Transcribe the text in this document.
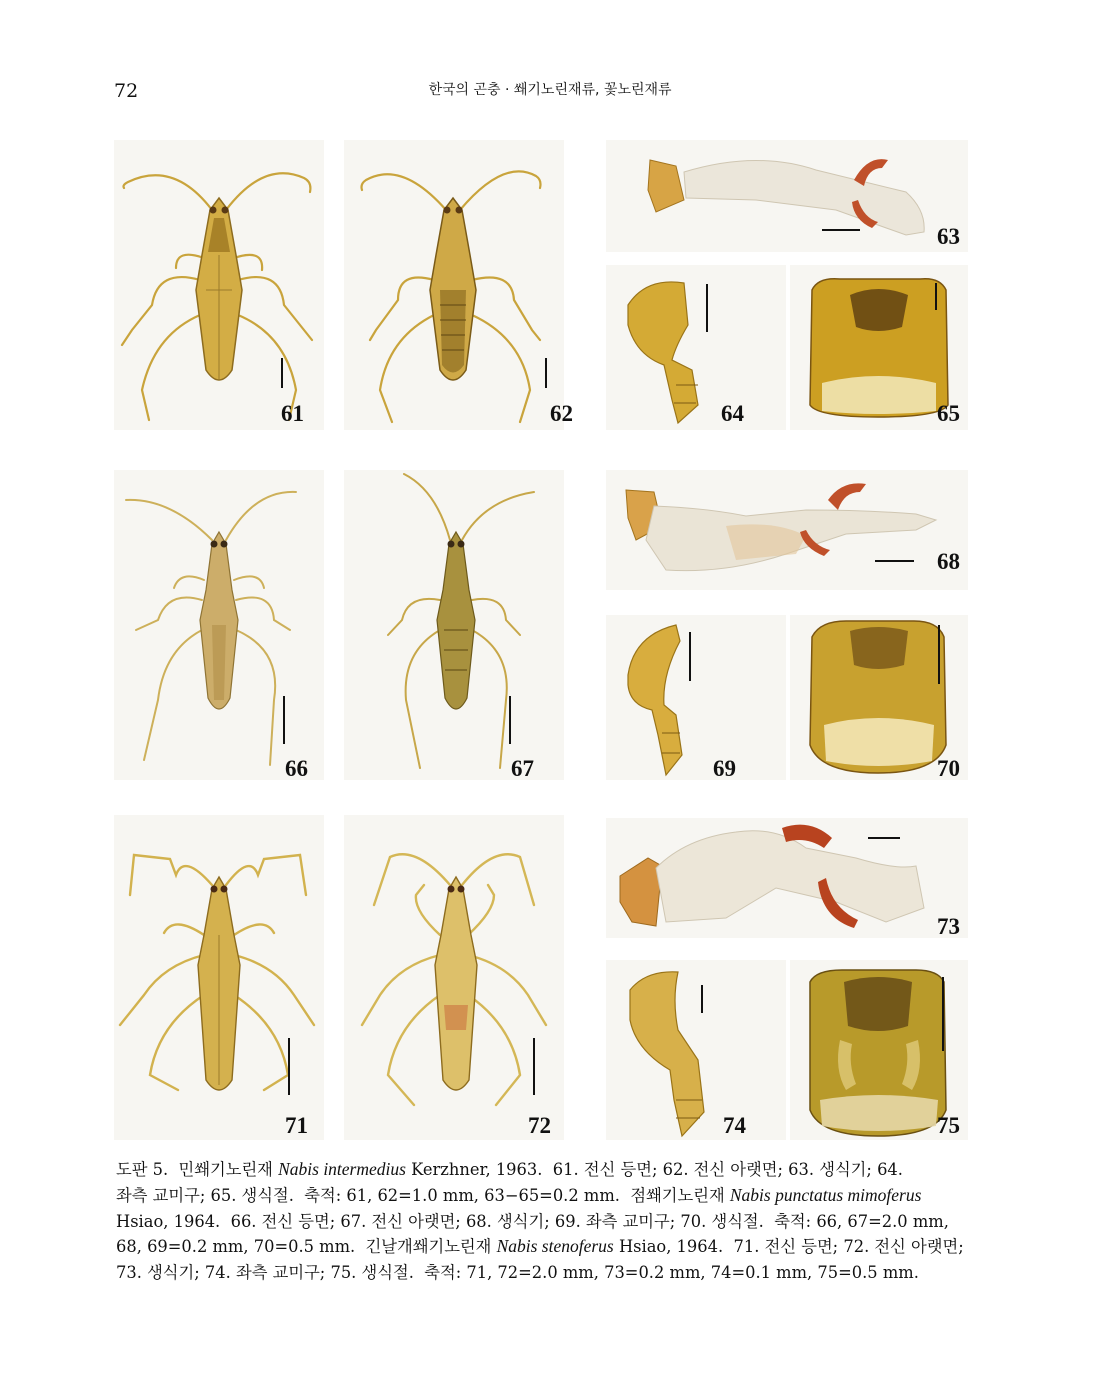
72	한국의 곤충 · 쐐기노린재류, 꽃노린재류
61	62
63
64	65
66	67
68
69	70
71	72
73
74	75
도판 5. 민쐐기노린재 Nabis intermedius Kerzhner, 1963. 61. 전신 등면; 62. 전신 아랫면; 63. 생식기; 64.
좌측 교미구; 65. 생식절. 축적: 61, 62=1.0 mm, 63−65=0.2 mm. 점쐐기노린재 Nabis punctatus mimoferus
Hsiao, 1964. 66. 전신 등면; 67. 전신 아랫면; 68. 생식기; 69. 좌측 교미구; 70. 생식절. 축적: 66, 67=2.0 mm,
68, 69=0.2 mm, 70=0.5 mm. 긴날개쐐기노린재 Nabis stenoferus Hsiao, 1964. 71. 전신 등면; 72. 전신 아랫면;
73. 생식기; 74. 좌측 교미구; 75. 생식절. 축적: 71, 72=2.0 mm, 73=0.2 mm, 74=0.1 mm, 75=0.5 mm.
